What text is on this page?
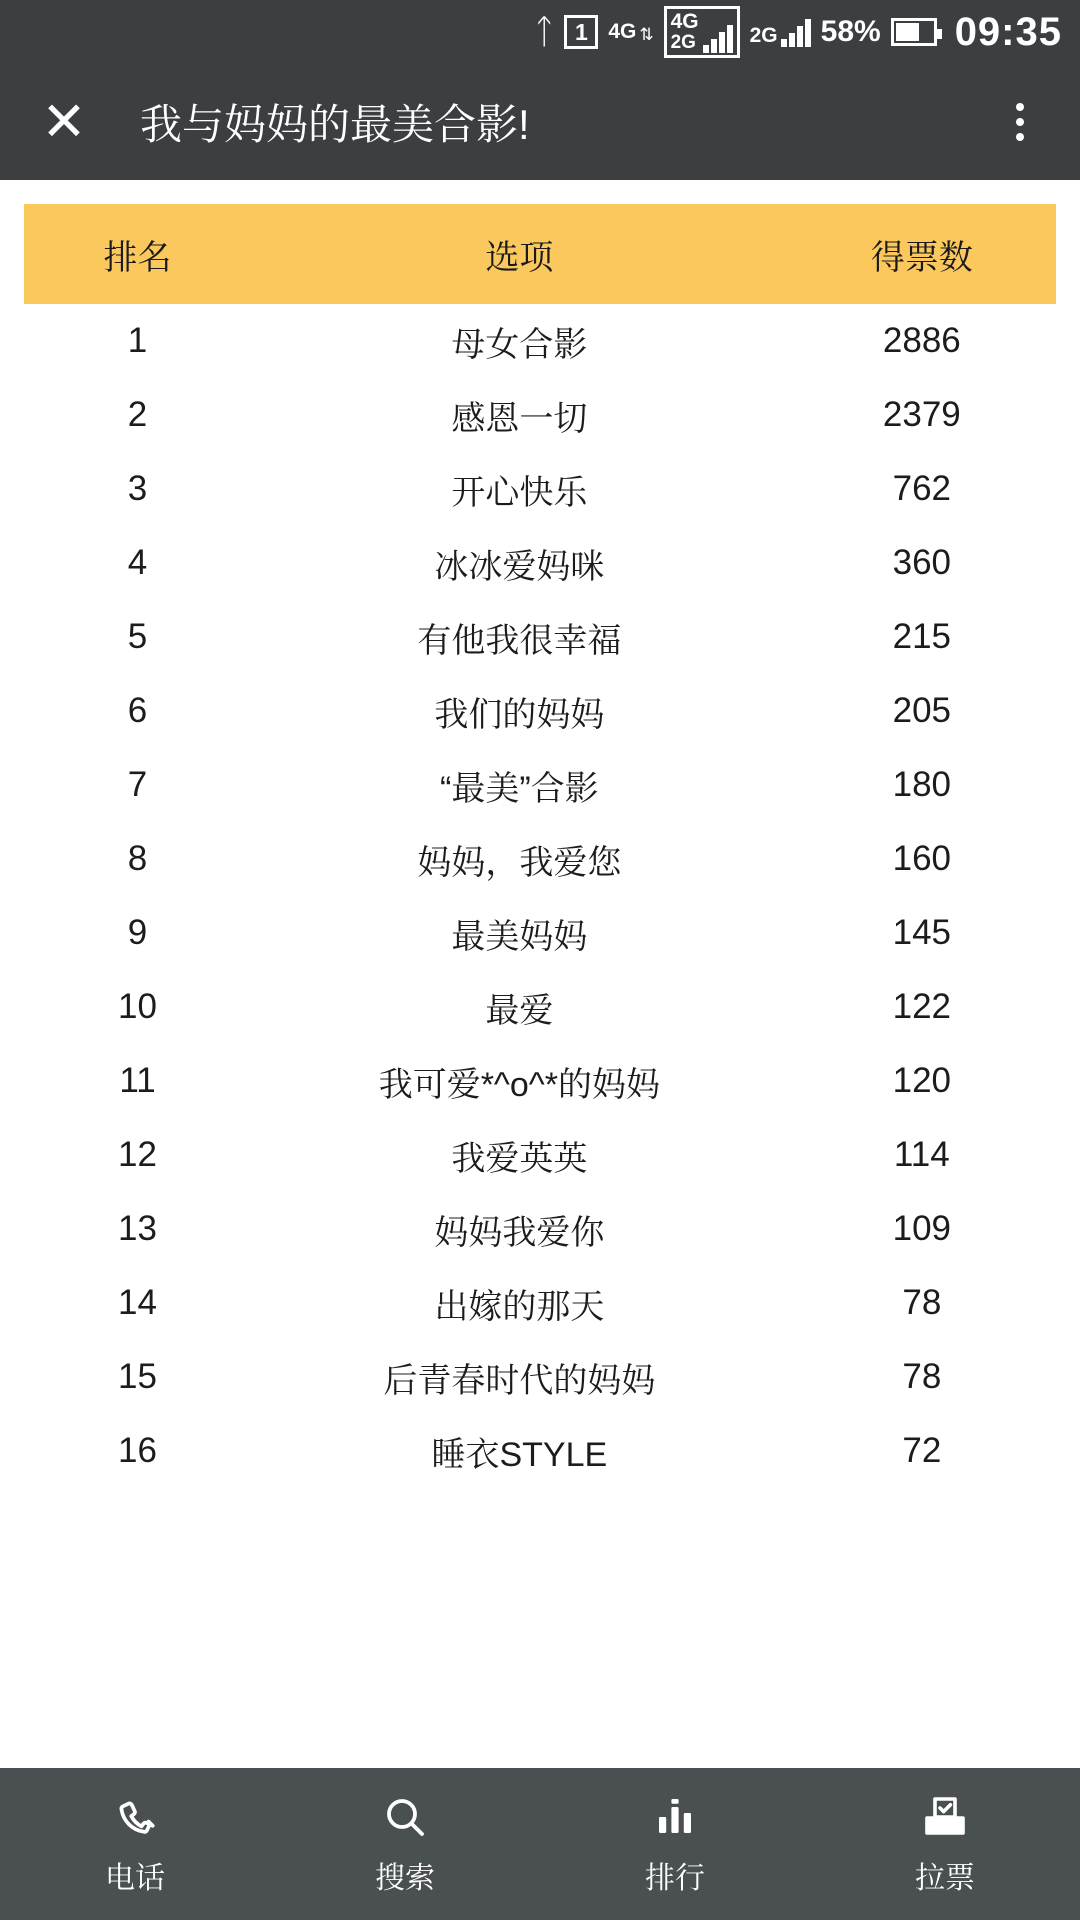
ᛏ 1 4G ⇅
4G
2G	2G 58% 09:35
✕	我与妈妈的最美合影!
排名	选项	得票数
1	母女合影	2886
2	感恩一切	2379
3	开心快乐	762
4	冰冰爱妈咪	360
5	有他我很幸福	215
6	我们的妈妈	205
7	“最美”合影	180
8	妈妈，我爱您	160
9	最美妈妈	145
10	最爱	122
11	我可爱*^o^*的妈妈	120
12	我爱英英	114
13	妈妈我爱你	109
14	出嫁的那天	78
15	后青春时代的妈妈	78
16	睡衣STYLE	72
电话	搜索	排行	拉票
